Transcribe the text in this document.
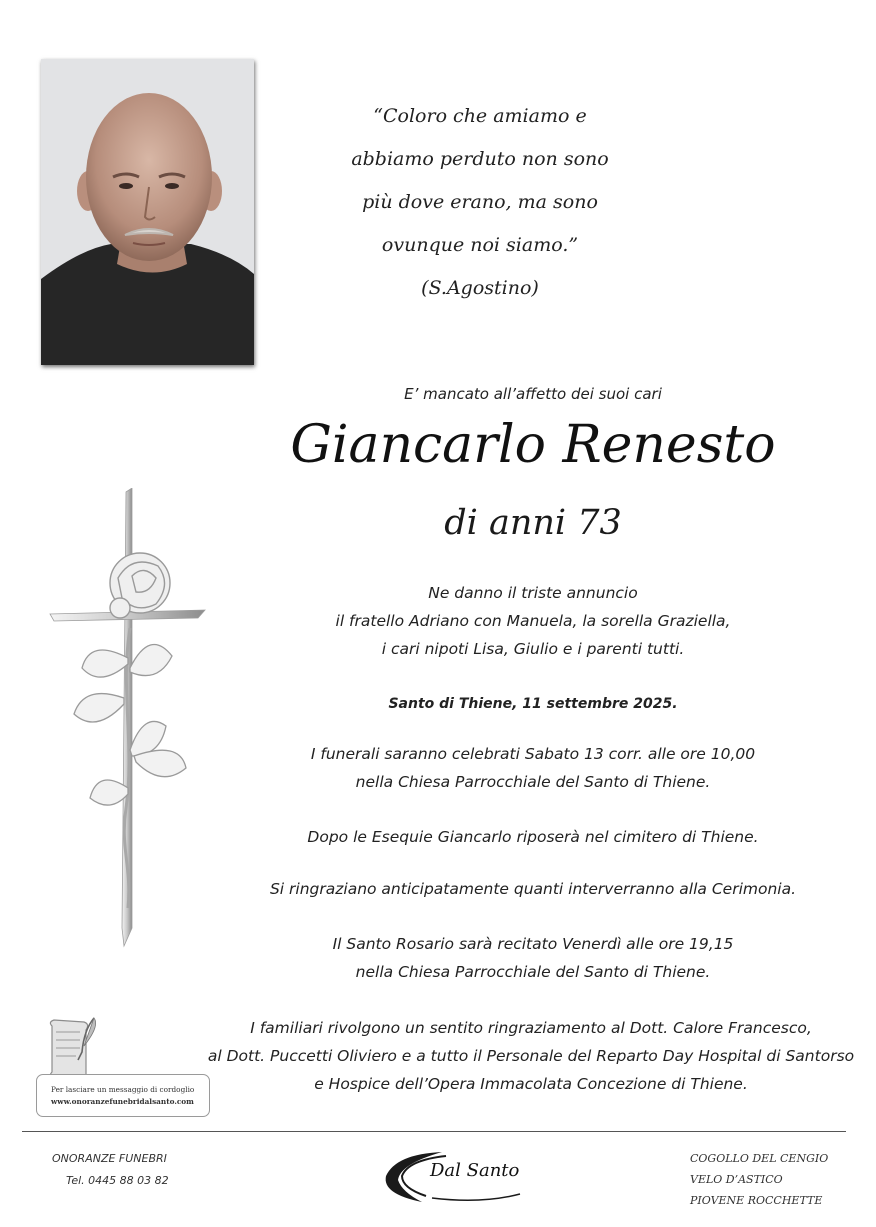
“Coloro che amiamo e
abbiamo perduto non sono
più dove erano, ma sono
ovunque noi siamo.”
(S.Agostino)
E’ mancato all’affetto dei suoi cari
Giancarlo Renesto
di anni 73
Ne danno il triste annuncio
il fratello Adriano con Manuela, la sorella Graziella,
i cari nipoti Lisa, Giulio e i parenti tutti.
Santo di Thiene, 11 settembre 2025.
I funerali saranno celebrati Sabato 13 corr. alle ore 10,00
nella Chiesa Parrocchiale del Santo di Thiene.
Dopo le Esequie Giancarlo riposerà nel cimitero di Thiene.
Si ringraziano anticipatamente quanti interverranno alla Cerimonia.
Il Santo Rosario sarà recitato Venerdì alle ore 19,15
nella Chiesa Parrocchiale del Santo di Thiene.
I familiari rivolgono un sentito ringraziamento al Dott. Calore Francesco,
al Dott. Puccetti Oliviero e a tutto il Personale del Reparto Day Hospital di Santorso
e Hospice dell’Opera Immacolata Concezione di Thiene.
Per lasciare un messaggio di cordoglio
www.onoranzefunebridalsanto.com
ONORANZE FUNEBRI
Tel. 0445 88 03 82	Dal Santo
COGOLLO DEL CENGIO
VELO D’ASTICO
PIOVENE ROCCHETTE
